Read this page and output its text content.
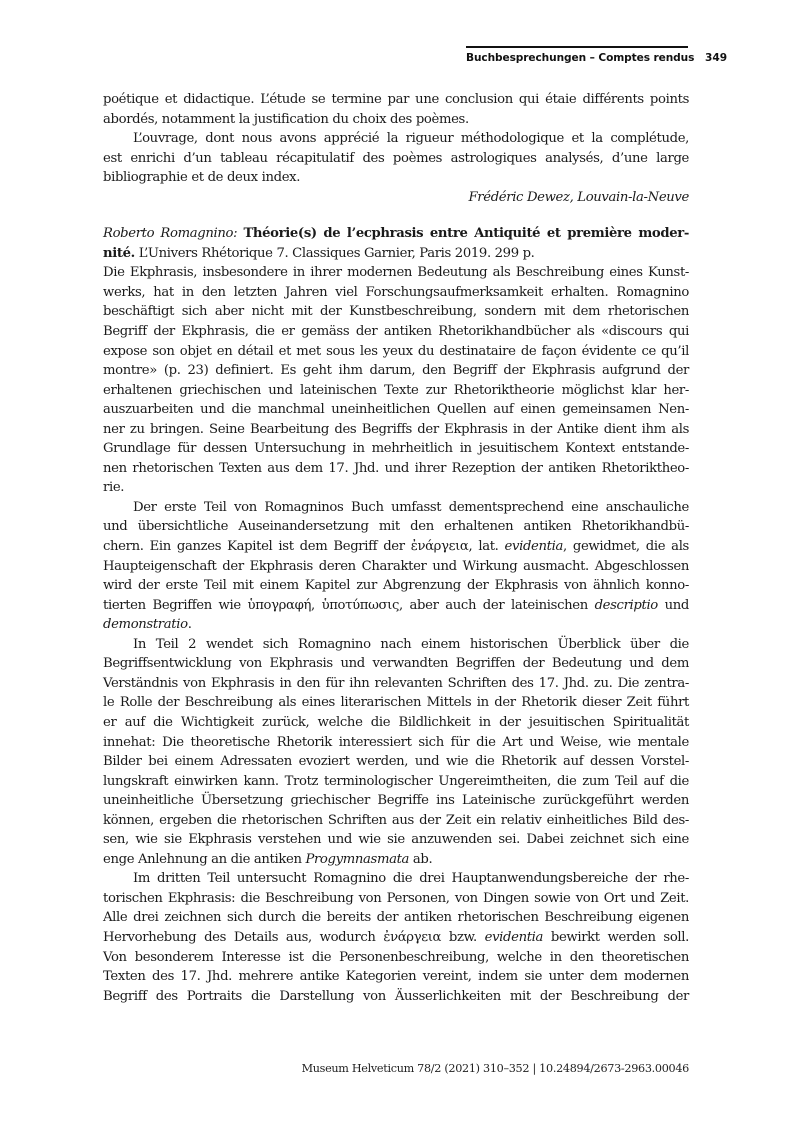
Buchbesprechungen – Comptes rendus 349
poétique et didactique. L’étude se termine par une conclusion qui étaie différents points
abordés, notamment la justification du choix des poèmes.
L’ouvrage, dont nous avons apprécié la rigueur méthodologique et la complétude,
est enrichi d’un tableau récapitulatif des poèmes astrologiques analysés, d’une large
bibliographie et de deux index.
Frédéric Dewez, Louvain-la-Neuve
Roberto Romagnino: Théorie(s) de l’ecphrasis entre Antiquité et première moder-
nité. L’Univers Rhétorique 7. Classiques Garnier, Paris 2019. 299 p.
Die Ekphrasis, insbesondere in ihrer modernen Bedeutung als Beschreibung eines Kunst-
werks, hat in den letzten Jahren viel Forschungsaufmerksamkeit erhalten. Romagnino
beschäftigt sich aber nicht mit der Kunstbeschreibung, sondern mit dem rhetorischen
Begriff der Ekphrasis, die er gemäss der antiken Rhetorikhandbücher als «discours qui
expose son objet en détail et met sous les yeux du destinataire de façon évidente ce qu’il
montre» (p. 23) definiert. Es geht ihm darum, den Begriff der Ekphrasis aufgrund der
erhaltenen griechischen und lateinischen Texte zur Rhetoriktheorie möglichst klar her-
auszuarbeiten und die manchmal uneinheitlichen Quellen auf einen gemeinsamen Nen-
ner zu bringen. Seine Bearbeitung des Begriffs der Ekphrasis in der Antike dient ihm als
Grundlage für dessen Untersuchung in mehrheitlich in jesuitischem Kontext entstande-
nen rhetorischen Texten aus dem 17. Jhd. und ihrer Rezeption der antiken Rhetoriktheo-
rie.
Der erste Teil von Romagninos Buch umfasst dementsprechend eine anschauliche
und übersichtliche Auseinandersetzung mit den erhaltenen antiken Rhetorikhandbü-
chern. Ein ganzes Kapitel ist dem Begriff der ἐνάργεια, lat. evidentia, gewidmet, die als
Haupteigenschaft der Ekphrasis deren Charakter und Wirkung ausmacht. Abgeschlossen
wird der erste Teil mit einem Kapitel zur Abgrenzung der Ekphrasis von ähnlich konno-
tierten Begriffen wie ὑπογραφή, ὑποτύπωσις, aber auch der lateinischen descriptio und
demonstratio.
In Teil 2 wendet sich Romagnino nach einem historischen Überblick über die
Begriffsentwicklung von Ekphrasis und verwandten Begriffen der Bedeutung und dem
Verständnis von Ekphrasis in den für ihn relevanten Schriften des 17. Jhd. zu. Die zentra-
le Rolle der Beschreibung als eines literarischen Mittels in der Rhetorik dieser Zeit führt
er auf die Wichtigkeit zurück, welche die Bildlichkeit in der jesuitischen Spiritualität
innehat: Die theoretische Rhetorik interessiert sich für die Art und Weise, wie mentale
Bilder bei einem Adressaten evoziert werden, und wie die Rhetorik auf dessen Vorstel-
lungskraft einwirken kann. Trotz terminologischer Ungereimtheiten, die zum Teil auf die
uneinheitliche Übersetzung griechischer Begriffe ins Lateinische zurückgeführt werden
können, ergeben die rhetorischen Schriften aus der Zeit ein relativ einheitliches Bild des-
sen, wie sie Ekphrasis verstehen und wie sie anzuwenden sei. Dabei zeichnet sich eine
enge Anlehnung an die antiken Progymnasmata ab.
Im dritten Teil untersucht Romagnino die drei Hauptanwendungsbereiche der rhe-
torischen Ekphrasis: die Beschreibung von Personen, von Dingen sowie von Ort und Zeit.
Alle drei zeichnen sich durch die bereits der antiken rhetorischen Beschreibung eigenen
Hervorhebung des Details aus, wodurch ἐνάργεια bzw. evidentia bewirkt werden soll.
Von besonderem Interesse ist die Personenbeschreibung, welche in den theoretischen
Texten des 17. Jhd. mehrere antike Kategorien vereint, indem sie unter dem modernen
Begriff des Portraits die Darstellung von Äusserlichkeiten mit der Beschreibung der
Museum Helveticum 78/2 (2021) 310–352 | 10.24894/2673-2963.00046
